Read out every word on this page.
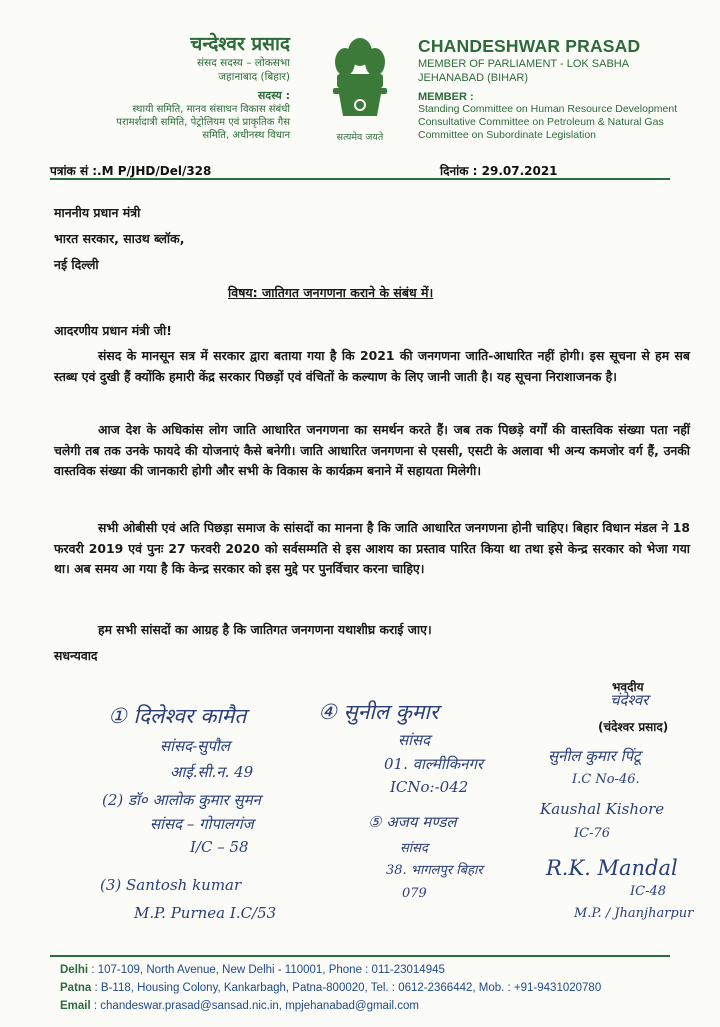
चन्देश्वर प्रसाद
संसद सदस्य – लोकसभा
जहानाबाद (बिहार)
सदस्य :
स्थायी समिति, मानव संसाधन विकास संबंधी
परामर्शदात्री समिति, पेट्रोलियम एवं प्राकृतिक गैस
समिति, अधीनस्थ विधान	सत्यमेव जयते
CHANDESHWAR PRASAD
MEMBER OF PARLIAMENT - LOK SABHA
JEHANABAD (BIHAR)
MEMBER :
Standing Committee on Human Resource Development
Consultative Committee on Petroleum & Natural Gas
Committee on Subordinate Legislation
पत्रांक सं :.M P/JHD/Del/328	दिनांक : 29.07.2021
माननीय प्रधान मंत्री
भारत सरकार, साउथ ब्लॉक,
नई दिल्ली
विषय: जातिगत जनगणना कराने के संबंध में।
आदरणीय प्रधान मंत्री जी!
संसद के मानसून सत्र में सरकार द्वारा बताया गया है कि 2021 की जनगणना जाति-आधारित नहीं होगी। इस सूचना से हम सब स्तब्ध एवं दुखी हैं क्योंकि हमारी केंद्र सरकार पिछड़ों एवं वंचितों के कल्याण के लिए जानी जाती है। यह सूचना निराशाजनक है।
आज देश के अधिकांस लोग जाति आधारित जनगणना का समर्थन करते हैं। जब तक पिछड़े वर्गों की वास्तविक संख्या पता नहीं चलेगी तब तक उनके फायदे की योजनाएं कैसे बनेगी। जाति आधारित जनगणना से एससी, एसटी के अलावा भी अन्य कमजोर वर्ग हैं, उनकी वास्तविक संख्या की जानकारी होगी और सभी के विकास के कार्यक्रम बनाने में सहायता मिलेगी।
सभी ओबीसी एवं अति पिछड़ा समाज के सांसदों का मानना है कि जाति आधारित जनगणना होनी चाहिए। बिहार विधान मंडल ने 18 फरवरी 2019 एवं पुनः 27 फरवरी 2020 को सर्वसम्मति से इस आशय का प्रस्ताव पारित किया था तथा इसे केन्द्र सरकार को भेजा गया था। अब समय आ गया है कि केन्द्र सरकार को इस मुद्दे पर पुनर्विचार करना चाहिए।
हम सभी सांसदों का आग्रह है कि जातिगत जनगणना यथाशीघ्र कराई जाए।
सधन्यवाद
भवदीय
चंदेश्वर
(चंदेश्वर प्रसाद)
① दिलेश्वर कामैत
सांसद-सुपौल
आई.सी.न. 49
(2) डॉ० आलोक कुमार सुमन
सांसद – गोपालगंज
I/C – 58
(3) Santosh kumar
M.P. Purnea I.C/53
④ सुनील कुमार
सांसद
01. वाल्मीकिनगर
ICNo:-042
⑤ अजय मण्डल
सांसद
38. भागलपुर बिहार
079
सुनील कुमार पिंटू
I.C No-46.
Kaushal Kishore
IC-76
R.K. Mandal
IC-48
M.P. / Jhanjharpur
Delhi : 107-109, North Avenue, New Delhi - 110001, Phone : 011-23014945
Patna : B-118, Housing Colony, Kankarbagh, Patna-800020, Tel. : 0612-2366442, Mob. : +91-9431020780
Email : chandeswar.prasad@sansad.nic.in, mpjehanabad@gmail.com
